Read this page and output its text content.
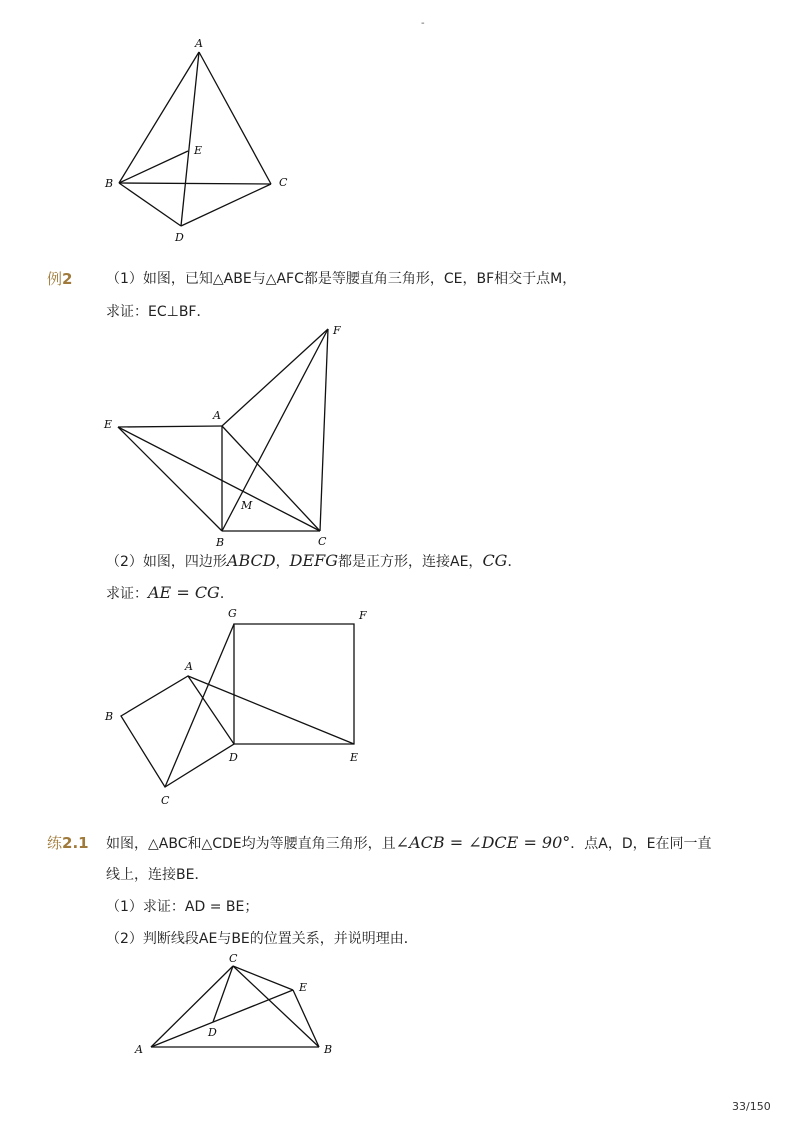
-
A
E
B	C
D
例2 （1）如图，已知△ABE与△AFC都是等腰直角三角形，CE，BF相交于点M，
求证：EC⊥BF．
F
E
A
M
B	C
（2）如图，四边形ABCD，DEFG都是正方形，连接AE，CG．
求证：AE = CG．
G	F
A
B
D	E
C
练2.1 如图，△ABC和△CDE均为等腰直角三角形，且∠ACB = ∠DCE = 90°．点A，D，E在同一直
线上，连接BE．
（1）求证：AD = BE；
（2）判断线段AE与BE的位置关系，并说明理由．
C
E
D
A	B
33/150
